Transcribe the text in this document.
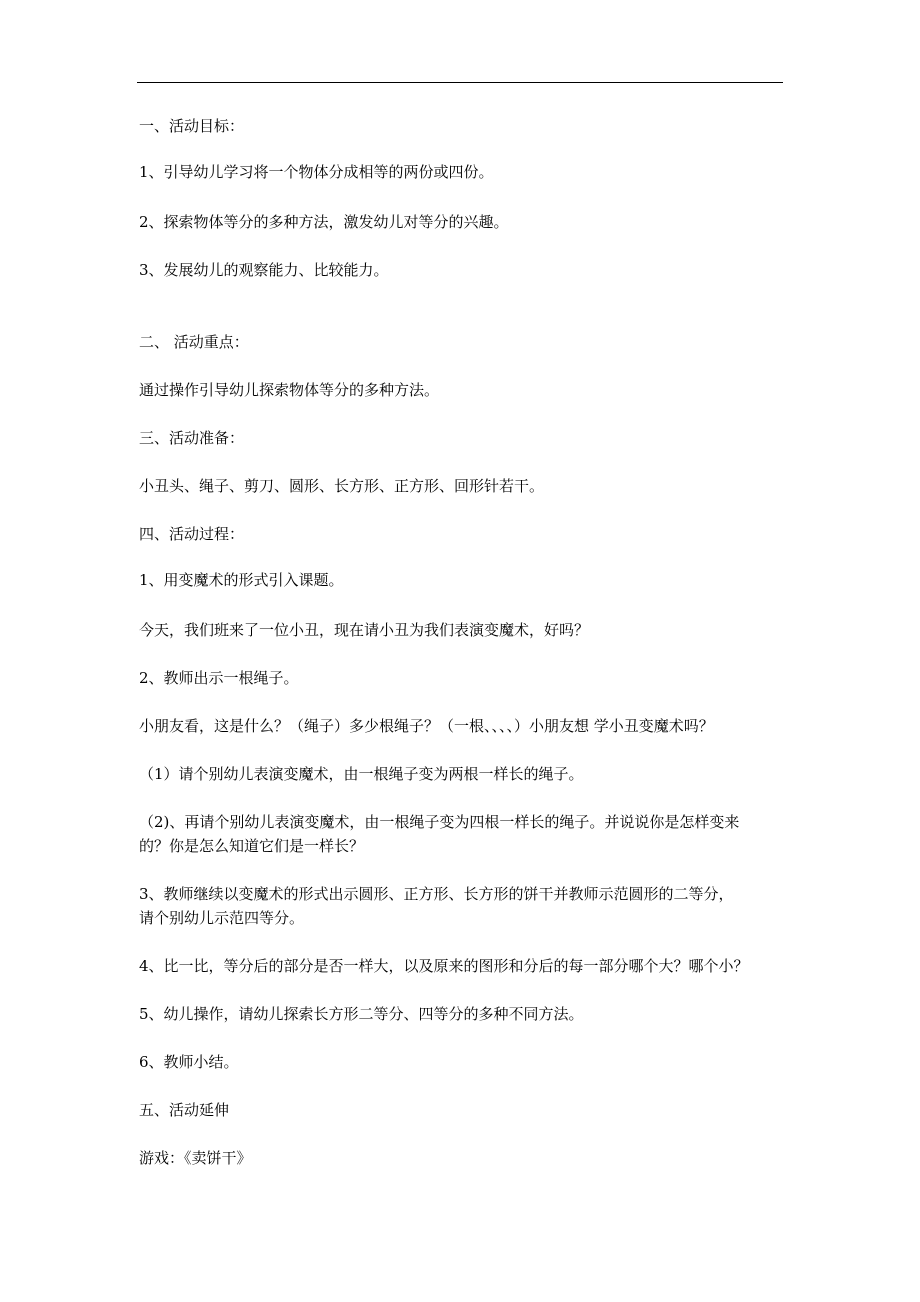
一、活动目标：
1、引导幼儿学习将一个物体分成相等的两份或四份。
2、探索物体等分的多种方法，激发幼儿对等分的兴趣。
3、发展幼儿的观察能力、比较能力。
二、 活动重点：
通过操作引导幼儿探索物体等分的多种方法。
三、活动准备：
小丑头、绳子、剪刀、圆形、长方形、正方形、回形针若干。
四、活动过程：
1、用变魔术的形式引入课题。
今天，我们班来了一位小丑，现在请小丑为我们表演变魔术，好吗？
2、教师出示一根绳子。
小朋友看，这是什么？（绳子）多少根绳子？（一根、、、、）小朋友想 学小丑变魔术吗？
（1）请个别幼儿表演变魔术，由一根绳子变为两根一样长的绳子。
（2)、再请个别幼儿表演变魔术，由一根绳子变为四根一样长的绳子。并说说你是怎样变来
的？你是怎么知道它们是一样长？
3、教师继续以变魔术的形式出示圆形、正方形、长方形的饼干并教师示范圆形的二等分，
请个别幼儿示范四等分。
4、比一比，等分后的部分是否一样大，以及原来的图形和分后的每一部分哪个大？哪个小？
5、幼儿操作，请幼儿探索长方形二等分、四等分的多种不同方法。
6、教师小结。
五、活动延伸
游戏：《卖饼干》
